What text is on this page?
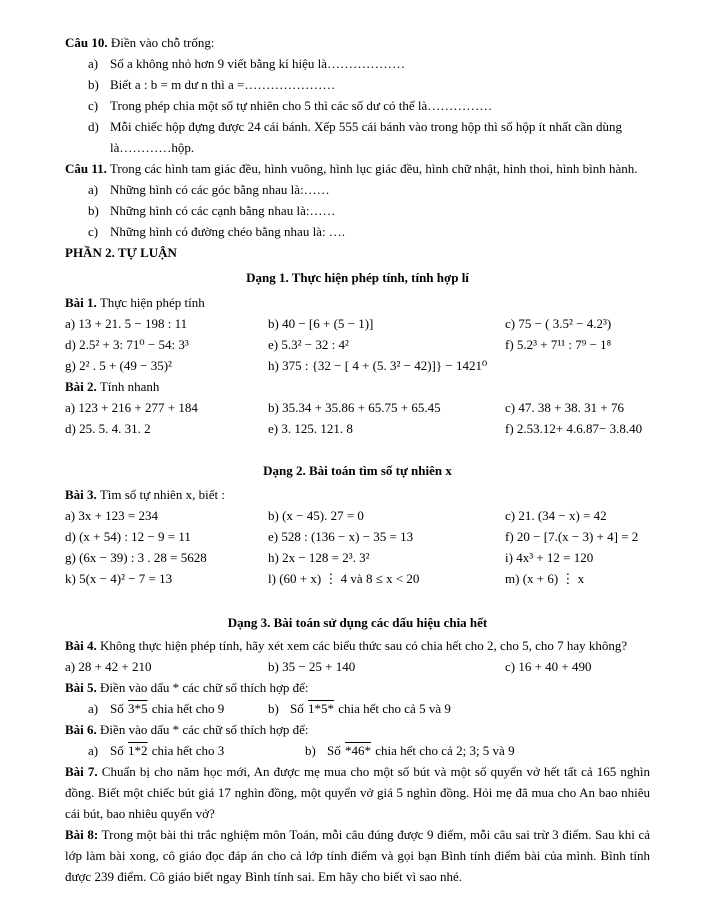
Câu 10. Điền vào chỗ trống:
a) Số a không nhỏ hơn 9 viết bằng kí hiệu là………………
b) Biết a : b = m dư n thì a =…………………
c) Trong phép chia một số tự nhiên cho 5 thì các số dư có thể là……………
d) Mỗi chiếc hộp đựng được 24 cái bánh. Xếp 555 cái bánh vào trong hộp thì số hộp ít nhất cần dùng là…………hộp.
Câu 11. Trong các hình tam giác đều, hình vuông, hình lục giác đều, hình chữ nhật, hình thoi, hình bình hành.
a) Những hình có các góc bằng nhau là:……
b) Những hình có các cạnh bằng nhau là:……
c) Những hình có đường chéo bằng nhau là: ….
PHẦN 2. TỰ LUẬN
Dạng 1. Thực hiện phép tính, tính hợp lí
Bài 1. Thực hiện phép tính
a) 13 + 21. 5 − 198 : 11	b) 40 − [6 + (5 − 1)]	c) 75 − ( 3.5² − 4.2³)
d) 2.5² + 3: 71⁰ − 54: 3³	e) 5.3² − 32 : 4²	f) 5.2³ + 7¹¹ : 7⁹ − 1⁸
g) 2² . 5 + (49 − 35)²	h) 375 : {32 − [ 4 + (5. 3² − 42)]} − 1421⁰
Bài 2. Tính nhanh
a) 123 + 216 + 277 + 184	b) 35.34 + 35.86 + 65.75 + 65.45	c) 47. 38 + 38. 31 + 76
d) 25. 5. 4. 31. 2	e) 3. 125. 121. 8	f) 2.53.12+ 4.6.87− 3.8.40
Dạng 2. Bài toán tìm số tự nhiên x
Bài 3. Tìm số tự nhiên x, biết :
a) 3x + 123 = 234	b) (x − 45). 27 = 0	c) 21. (34 − x) = 42
d) (x + 54) : 12 − 9 = 11	e) 528 : (136 − x) − 35 = 13	f) 20 − [7.(x − 3) + 4] = 2
g) (6x − 39) : 3 . 28 = 5628	h) 2x − 128 = 2³. 3²	i) 4x³ + 12 = 120
k) 5(x − 4)² − 7 = 13	l) (60 + x) ⋮ 4 và 8 ≤ x < 20	m) (x + 6) ⋮ x
Dạng 3. Bài toán sử dụng các dấu hiệu chia hết
Bài 4. Không thực hiện phép tính, hãy xét xem các biểu thức sau có chia hết cho 2, cho 5, cho 7 hay không?
a) 28 + 42 + 210	b) 35 − 25 + 140	c) 16 + 40 + 490
Bài 5. Điền vào dấu * các chữ số thích hợp để:
a) Số 3*5 chia hết cho 9	b) Số 1*5* chia hết cho cả 5 và 9
Bài 6. Điền vào dấu * các chữ số thích hợp để:
a) Số 1*2 chia hết cho 3	b) Số *46* chia hết cho cả 2; 3; 5 và 9

Bài 7. Chuẩn bị cho năm học mới, An được mẹ mua cho một số bút và một số quyển vở hết tất cả 165 nghìn đồng. Biết một chiếc bút giá 17 nghìn đồng, một quyển vở giá 5 nghìn đồng. Hỏi mẹ đã mua cho An bao nhiêu cái bút, bao nhiêu quyển vở?

Bài 8: Trong một bài thi trắc nghiệm môn Toán, mỗi câu đúng được 9 điểm, mỗi câu sai trừ 3 điểm. Sau khi cả lớp làm bài xong, cô giáo đọc đáp án cho cả lớp tính điểm và gọi bạn Bình tính điểm bài của mình. Bình tính được 239 điểm. Cô giáo biết ngay Bình tính sai. Em hãy cho biết vì sao nhé.
